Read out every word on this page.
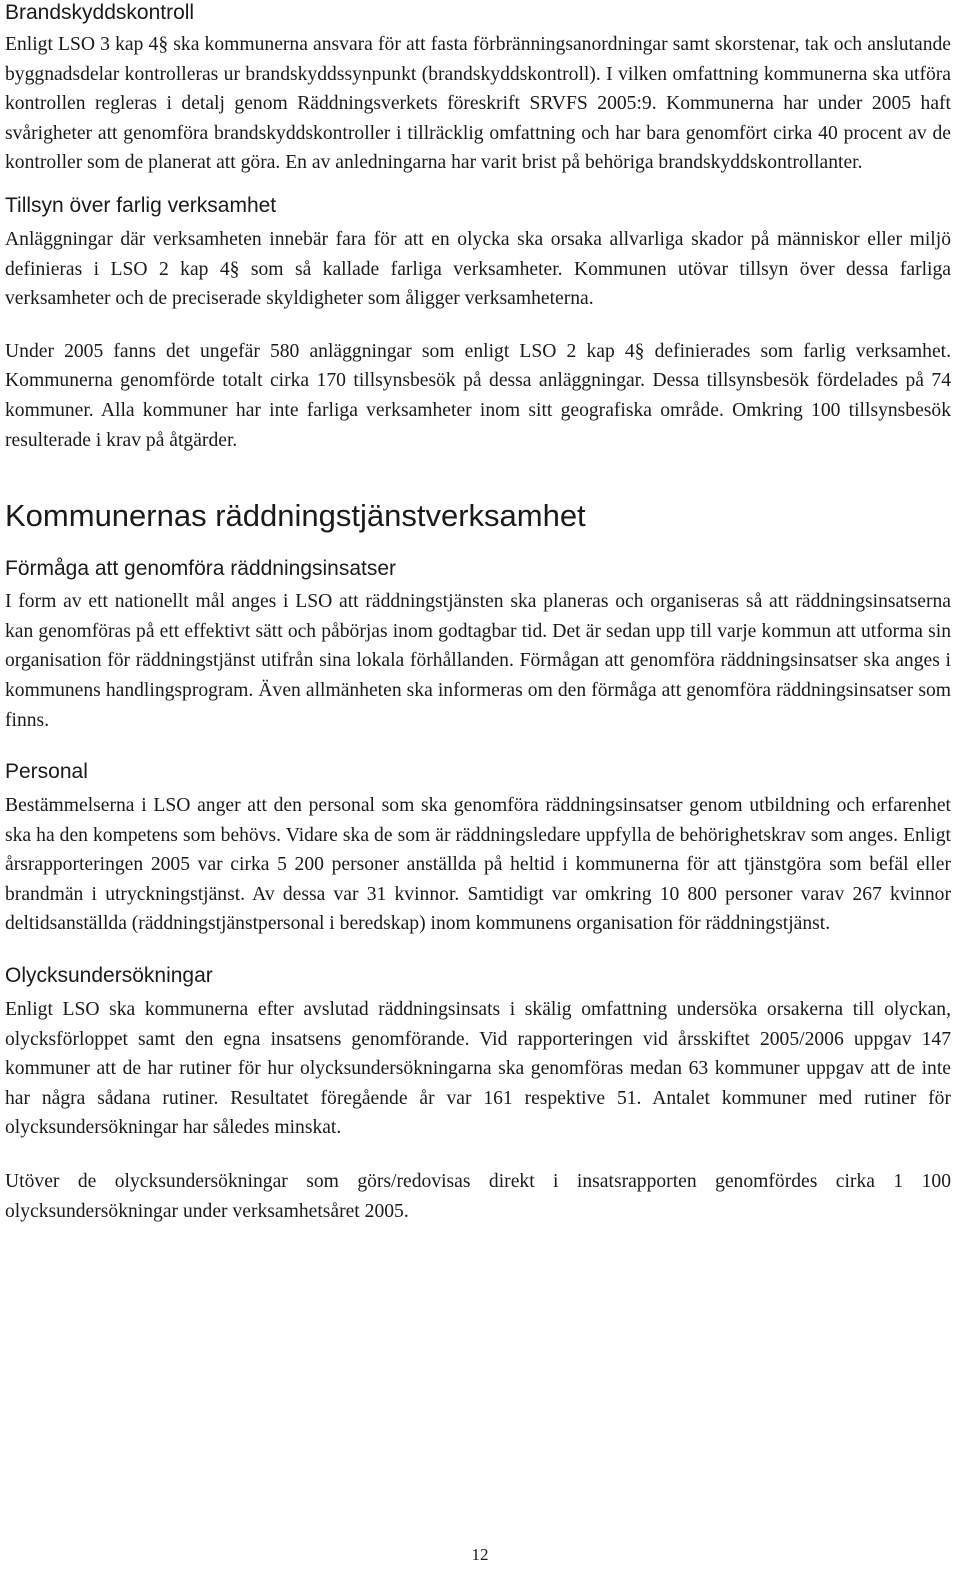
Brandskyddskontroll

Enligt LSO 3 kap 4§ ska kommunerna ansvara för att fasta förbränningsanordningar samt skorstenar, tak och anslutande byggnadsdelar kontrolleras ur brandskyddssynpunkt (brandskyddskontroll). I vilken omfattning kommunerna ska utföra kontrollen regleras i detalj genom Räddningsverkets föreskrift SRVFS 2005:9. Kommunerna har under 2005 haft svårigheter att genomföra brandskyddskontroller i tillräcklig omfattning och har bara genomfört cirka 40 procent av de kontroller som de planerat att göra. En av anledningarna har varit brist på behöriga brandskyddskontrollanter.

Tillsyn över farlig verksamhet

Anläggningar där verksamheten innebär fara för att en olycka ska orsaka allvarliga skador på människor eller miljö definieras i LSO 2 kap 4§ som så kallade farliga verksamheter. Kommunen utövar tillsyn över dessa farliga verksamheter och de preciserade skyldigheter som åligger verksamheterna.

Under 2005 fanns det ungefär 580 anläggningar som enligt LSO 2 kap 4§ definierades som farlig verksamhet. Kommunerna genomförde totalt cirka 170 tillsynsbesök på dessa anläggningar. Dessa tillsynsbesök fördelades på 74 kommuner. Alla kommuner har inte farliga verksamheter inom sitt geografiska område. Omkring 100 tillsynsbesök resulterade i krav på åtgärder.

Kommunernas räddningstjänstverksamhet
Förmåga att genomföra räddningsinsatser

I form av ett nationellt mål anges i LSO att räddningstjänsten ska planeras och organiseras så att räddningsinsatserna kan genomföras på ett effektivt sätt och påbörjas inom godtagbar tid. Det är sedan upp till varje kommun att utforma sin organisation för räddningstjänst utifrån sina lokala förhållanden. Förmågan att genomföra räddningsinsatser ska anges i kommunens handlingsprogram. Även allmänheten ska informeras om den förmåga att genomföra räddningsinsatser som finns.

Personal

Bestämmelserna i LSO anger att den personal som ska genomföra räddningsinsatser genom utbildning och erfarenhet ska ha den kompetens som behövs. Vidare ska de som är räddningsledare uppfylla de behörighetskrav som anges. Enligt årsrapporteringen 2005 var cirka 5 200 personer anställda på heltid i kommunerna för att tjänstgöra som befäl eller brandmän i utryckningstjänst. Av dessa var 31 kvinnor. Samtidigt var omkring 10 800 personer varav 267 kvinnor deltidsanställda (räddningstjänstpersonal i beredskap) inom kommunens organisation för räddningstjänst.

Olycksundersökningar

Enligt LSO ska kommunerna efter avslutad räddningsinsats i skälig omfattning undersöka orsakerna till olyckan, olycksförloppet samt den egna insatsens genomförande. Vid rapporteringen vid årsskiftet 2005/2006 uppgav 147 kommuner att de har rutiner för hur olycksundersökningarna ska genomföras medan 63 kommuner uppgav att de inte har några sådana rutiner. Resultatet föregående år var 161 respektive 51. Antalet kommuner med rutiner för olycksundersökningar har således minskat.

Utöver de olycksundersökningar som görs/redovisas direkt i insatsrapporten genomfördes cirka 1 100 olycksundersökningar under verksamhetsåret 2005.

12
